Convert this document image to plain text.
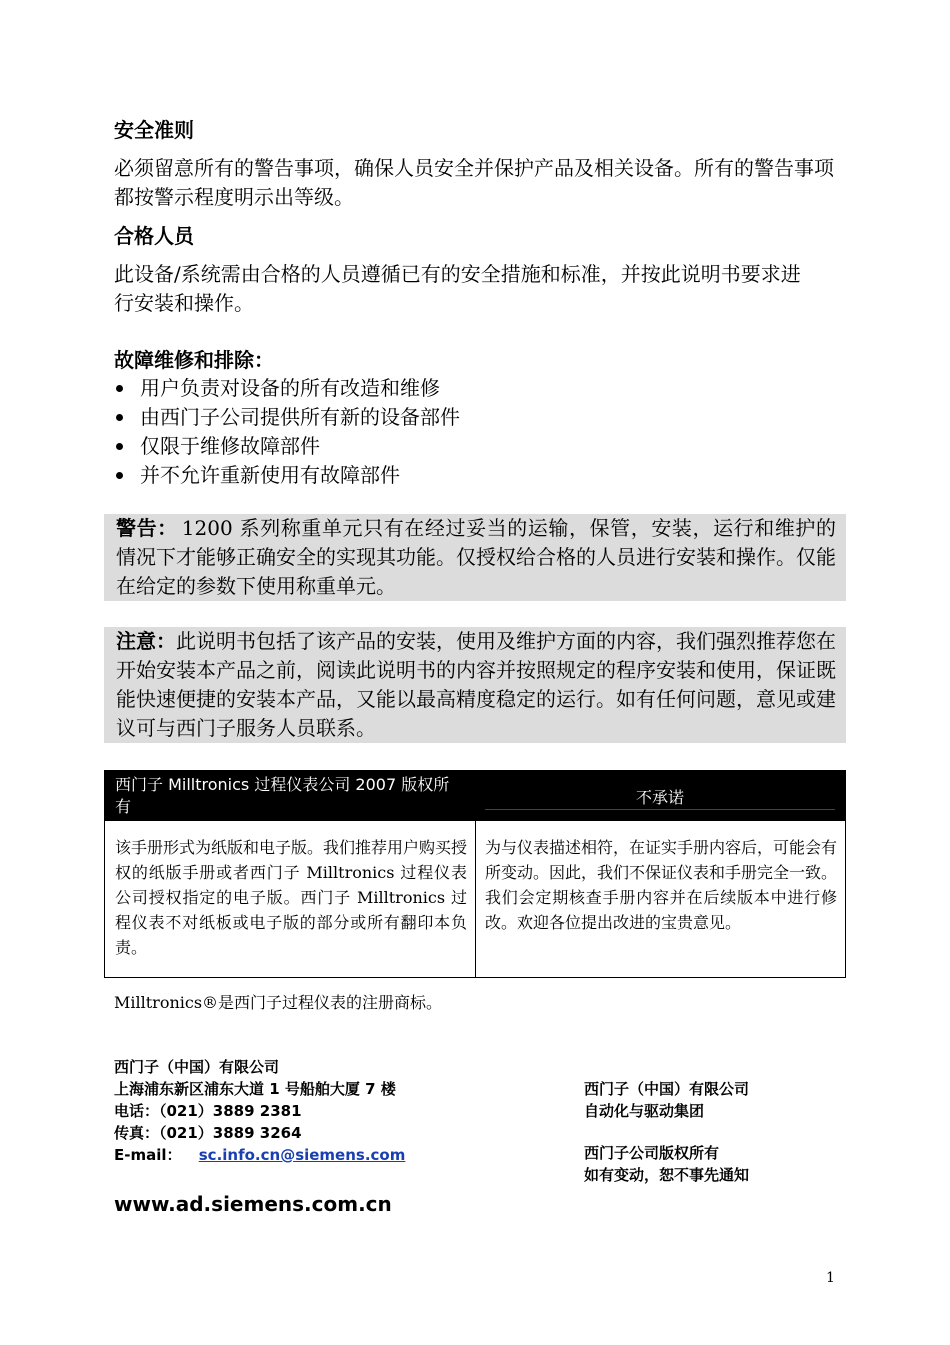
安全准则

必须留意所有的警告事项，确保人员安全并保护产品及相关设备。所有的警告事项都按警示程度明示出等级。

合格人员

此设备/系统需由合格的人员遵循已有的安全措施和标准，并按此说明书要求进行安装和操作。

故障维修和排除：
用户负责对设备的所有改造和维修
由西门子公司提供所有新的设备部件
仅限于维修故障部件
并不允许重新使用有故障部件
警告： 1200 系列称重单元只有在经过妥当的运输，保管，安装，运行和维护的情况下才能够正确安全的实现其功能。仅授权给合格的人员进行安装和操作。仅能在给定的参数下使用称重单元。
注意：此说明书包括了该产品的安装，使用及维护方面的内容，我们强烈推荐您在开始安装本产品之前，阅读此说明书的内容并按照规定的程序安装和使用，保证既能快速便捷的安装本产品，又能以最高精度稳定的运行。如有任何问题，意见或建议可与西门子服务人员联系。
西门子 Milltronics 过程仪表公司 2007 版权所有	不承诺
该手册形式为纸版和电子版。我们推荐用户购买授权的纸版手册或者西门子 Milltronics 过程仪表公司授权指定的电子版。西门子 Milltronics 过程仪表不对纸板或电子版的部分或所有翻印本负责。
为与仪表描述相符，在证实手册内容后，可能会有所变动。因此，我们不保证仪表和手册完全一致。我们会定期核查手册内容并在后续版本中进行修改。欢迎各位提出改进的宝贵意见。
Milltronics®是西门子过程仪表的注册商标。
西门子（中国）有限公司
上海浦东新区浦东大道 1 号船舶大厦 7 楼
电话：（021）3889 2381
传真：（021）3889 3264
E-mail： sc.info.cn@siemens.com
西门子（中国）有限公司
自动化与驱动集团
西门子公司版权所有
如有变动，恕不事先通知
www.ad.siemens.com.cn
1
